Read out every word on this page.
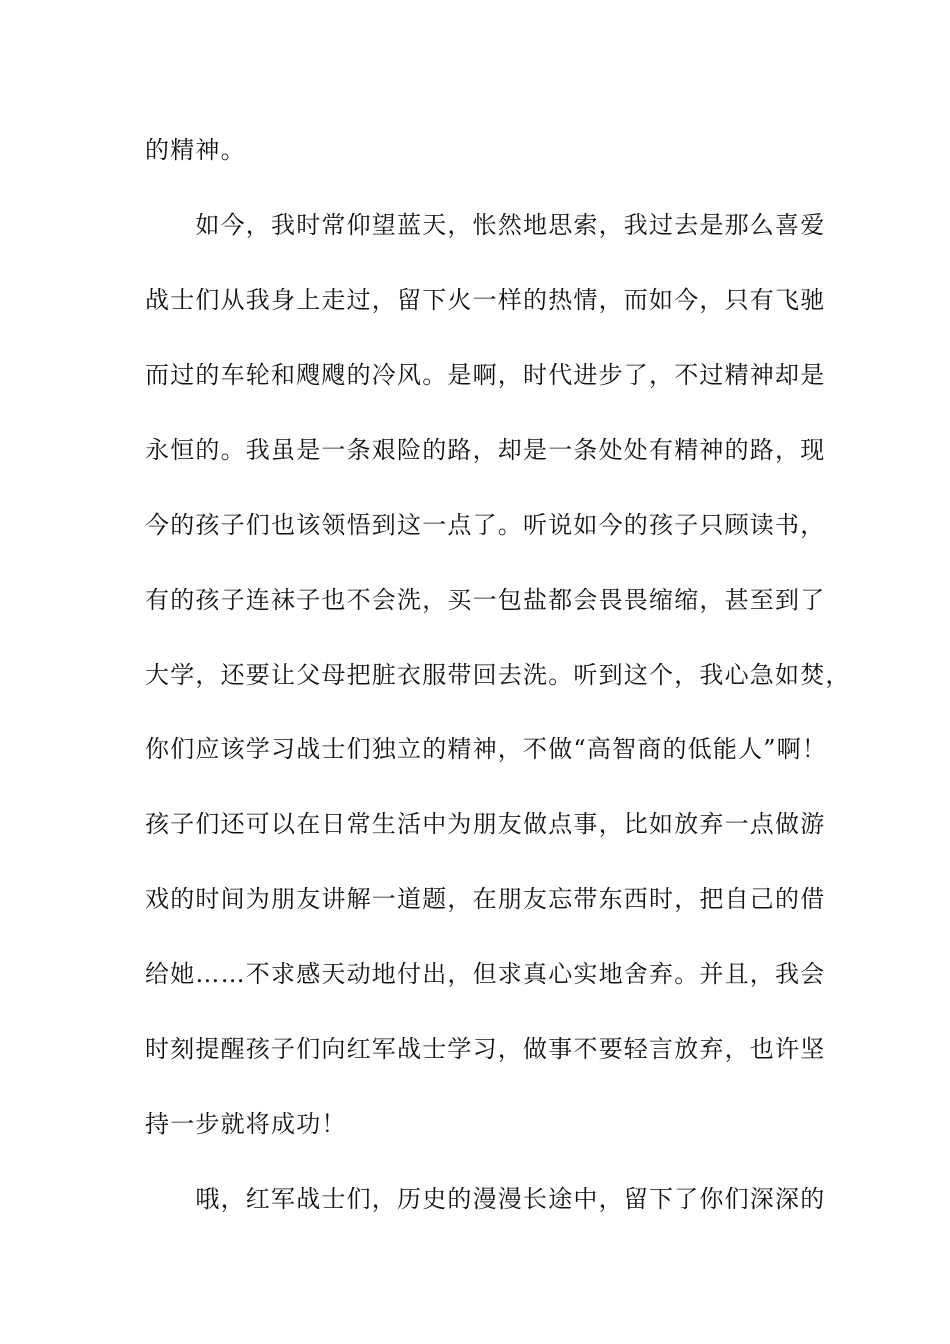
的精神。
　　如今，我时常仰望蓝天，怅然地思索，我过去是那么喜爱
战士们从我身上走过，留下火一样的热情，而如今，只有飞驰
而过的车轮和飕飕的冷风。是啊，时代进步了，不过精神却是
永恒的。我虽是一条艰险的路，却是一条处处有精神的路，现
今的孩子们也该领悟到这一点了。听说如今的孩子只顾读书，
有的孩子连袜子也不会洗，买一包盐都会畏畏缩缩，甚至到了
大学，还要让父母把脏衣服带回去洗。听到这个，我心急如焚，
你们应该学习战士们独立的精神，不做“高智商的低能人”啊！
孩子们还可以在日常生活中为朋友做点事，比如放弃一点做游
戏的时间为朋友讲解一道题，在朋友忘带东西时，把自己的借
给她……不求感天动地付出，但求真心实地舍弃。并且，我会
时刻提醒孩子们向红军战士学习，做事不要轻言放弃，也许坚
持一步就将成功！
　　哦，红军战士们，历史的漫漫长途中，留下了你们深深的
